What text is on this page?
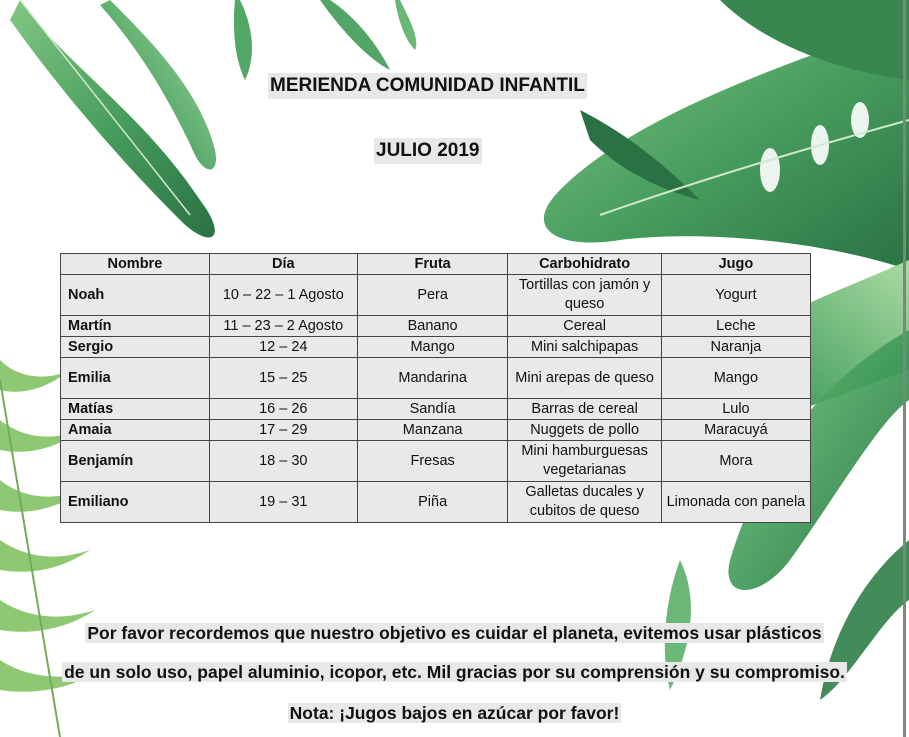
MERIENDA COMUNIDAD INFANTIL
JULIO 2019
Nombre	Día	Fruta	Carbohidrato	Jugo
Noah	10 – 22 – 1 Agosto	Pera	Tortillas con jamón y queso	Yogurt
Martín	11 – 23 – 2 Agosto	Banano	Cereal	Leche
Sergio	12 – 24	Mango	Mini salchipapas	Naranja
Emilia	15 – 25	Mandarina	Mini arepas de queso	Mango
Matías	16 – 26	Sandía	Barras de cereal	Lulo
Amaia	17 – 29	Manzana	Nuggets de pollo	Maracuyá
Benjamín	18 – 30	Fresas	Mini hamburguesas vegetarianas	Mora
Emiliano	19 – 31	Piña	Galletas ducales y cubitos de queso	Limonada con panela
Por favor recordemos que nuestro objetivo es cuidar el planeta, evitemos usar plásticos
de un solo uso, papel aluminio, icopor, etc. Mil gracias por su comprensión y su compromiso.
Nota: ¡Jugos bajos en azúcar por favor!
